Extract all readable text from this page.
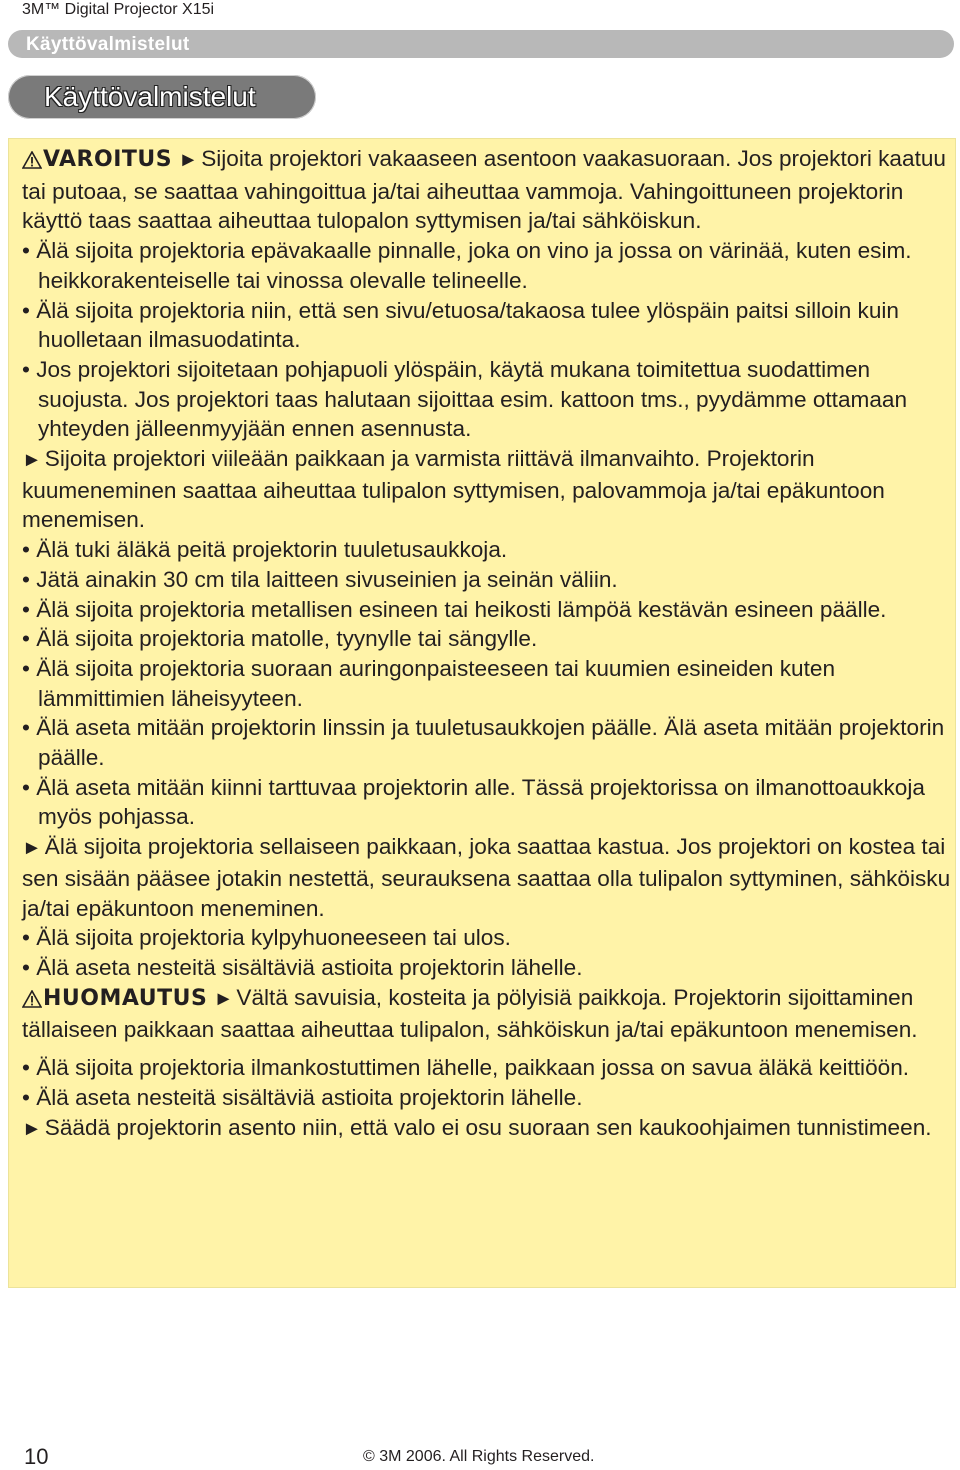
3M™ Digital Projector X15i
Käyttövalmistelut
Käyttövalmistelut

VAROITUS ► Sijoita projektori vakaaseen asentoon vaakasuoraan. Jos projektori kaatuu tai putoaa, se saattaa vahingoittua ja/tai aiheuttaa vammoja. Vahingoittuneen projektorin käyttö taas saattaa aiheuttaa tulopalon syttymisen ja/tai sähköiskun.

• Älä sijoita projektoria epävakaalle pinnalle, joka on vino ja jossa on värinää, kuten esim. heikkorakenteiselle tai vinossa olevalle telineelle.

• Älä sijoita projektoria niin, että sen sivu/etuosa/takaosa tulee ylöspäin paitsi silloin kuin huolletaan ilmasuodatinta.

• Jos projektori sijoitetaan pohjapuoli ylöspäin, käytä mukana toimitettua suodattimen suojusta. Jos projektori taas halutaan sijoittaa esim. kattoon tms., pyydämme ottamaan yhteyden jälleenmyyjään ennen asennusta.

► Sijoita projektori viileään paikkaan ja varmista riittävä ilmanvaihto. Projektorin kuumeneminen saattaa aiheuttaa tulipalon syttymisen, palovammoja ja/tai epäkuntoon menemisen.

• Älä tuki äläkä peitä projektorin tuuletusaukkoja.

• Jätä ainakin 30 cm tila laitteen sivuseinien ja seinän väliin.

• Älä sijoita projektoria metallisen esineen tai heikosti lämpöä kestävän esineen päälle.

• Älä sijoita projektoria matolle, tyynylle tai sängylle.

• Älä sijoita projektoria suoraan auringonpaisteeseen tai kuumien esineiden kuten lämmittimien läheisyyteen.

• Älä aseta mitään projektorin linssin ja tuuletusaukkojen päälle. Älä aseta mitään projektorin päälle.

• Älä aseta mitään kiinni tarttuvaa projektorin alle. Tässä projektorissa on ilmanottoaukkoja myös pohjassa.

► Älä sijoita projektoria sellaiseen paikkaan, joka saattaa kastua. Jos projektori on kostea tai sen sisään pääsee jotakin nestettä, seurauksena saattaa olla tulipalon syttyminen, sähköisku ja/tai epäkuntoon meneminen.

• Älä sijoita projektoria kylpyhuoneeseen tai ulos.

• Älä aseta nesteitä sisältäviä astioita projektorin lähelle.

HUOMAUTUS ► Vältä savuisia, kosteita ja pölyisiä paikkoja. Projektorin sijoittaminen tällaiseen paikkaan saattaa aiheuttaa tulipalon, sähköiskun ja/tai epäkuntoon menemisen.

• Älä sijoita projektoria ilmankostuttimen lähelle, paikkaan jossa on savua äläkä keittiöön.

• Älä aseta nesteitä sisältäviä astioita projektorin lähelle.

► Säädä projektorin asento niin, että valo ei osu suoraan sen kaukoohjaimen tunnistimeen.

10	© 3M 2006. All Rights Reserved.
